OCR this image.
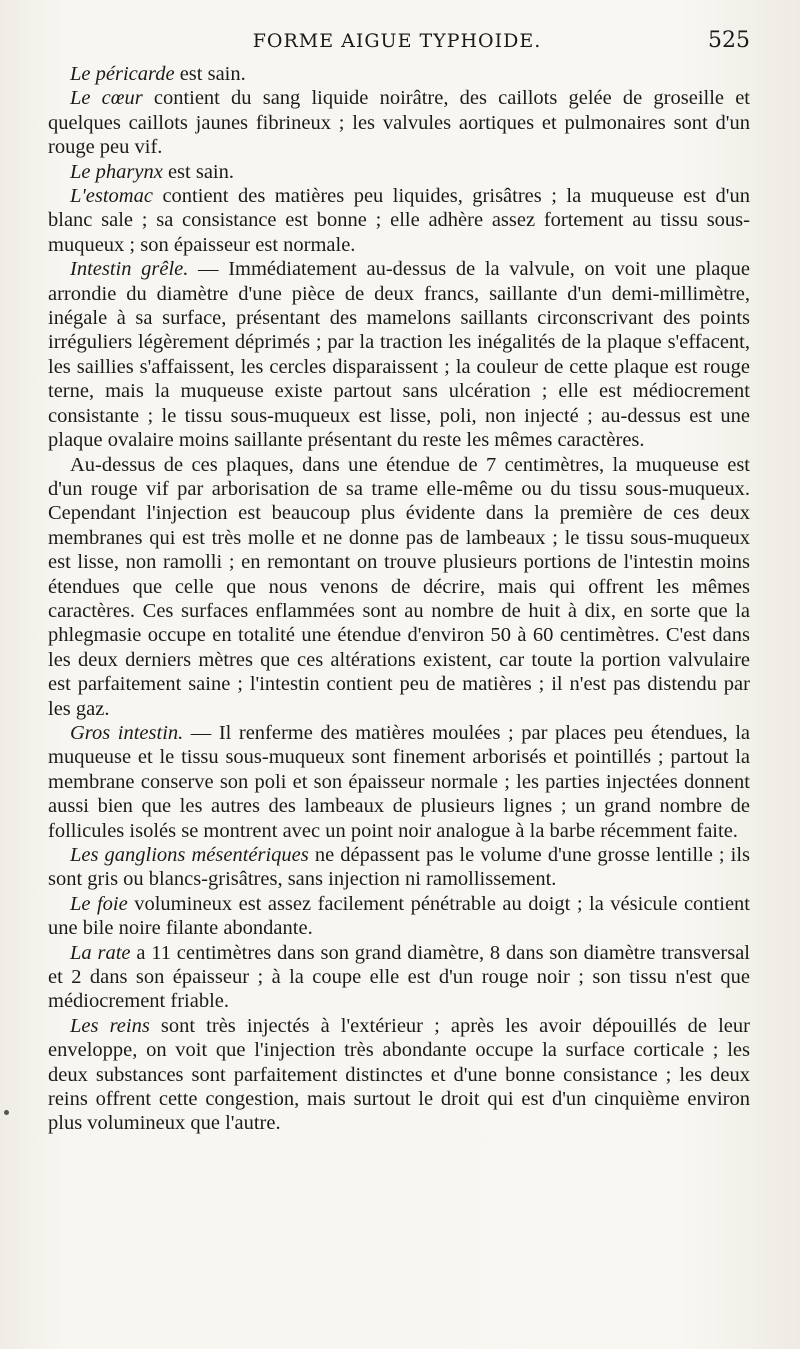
FORME AIGUE TYPHOIDE.	525

Le péricarde est sain.

Le cœur contient du sang liquide noirâtre, des caillots gelée de groseille et quelques caillots jaunes fibrineux ; les valvules aortiques et pulmonaires sont d'un rouge peu vif.

Le pharynx est sain.

L'estomac contient des matières peu liquides, grisâtres ; la muqueuse est d'un blanc sale ; sa consistance est bonne ; elle adhère assez fortement au tissu sous-muqueux ; son épaisseur est normale.

Intestin grêle. — Immédiatement au-dessus de la valvule, on voit une plaque arrondie du diamètre d'une pièce de deux francs, saillante d'un demi-millimètre, inégale à sa surface, présentant des mamelons saillants circonscrivant des points irréguliers légèrement déprimés ; par la traction les inégalités de la plaque s'effacent, les saillies s'affaissent, les cercles disparaissent ; la couleur de cette plaque est rouge terne, mais la muqueuse existe partout sans ulcération ; elle est médiocrement consistante ; le tissu sous-muqueux est lisse, poli, non injecté ; au-dessus est une plaque ovalaire moins saillante présentant du reste les mêmes caractères.

Au-dessus de ces plaques, dans une étendue de 7 centimètres, la muqueuse est d'un rouge vif par arborisation de sa trame elle-même ou du tissu sous-muqueux. Cependant l'injection est beaucoup plus évidente dans la première de ces deux membranes qui est très molle et ne donne pas de lambeaux ; le tissu sous-muqueux est lisse, non ramolli ; en remontant on trouve plusieurs portions de l'intestin moins étendues que celle que nous venons de décrire, mais qui offrent les mêmes caractères. Ces surfaces enflammées sont au nombre de huit à dix, en sorte que la phlegmasie occupe en totalité une étendue d'environ 50 à 60 centimètres. C'est dans les deux derniers mètres que ces altérations existent, car toute la portion valvulaire est parfaitement saine ; l'intestin contient peu de matières ; il n'est pas distendu par les gaz.

Gros intestin. — Il renferme des matières moulées ; par places peu étendues, la muqueuse et le tissu sous-muqueux sont finement arborisés et pointillés ; partout la membrane conserve son poli et son épaisseur normale ; les parties injectées donnent aussi bien que les autres des lambeaux de plusieurs lignes ; un grand nombre de follicules isolés se montrent avec un point noir analogue à la barbe récemment faite.

Les ganglions mésentériques ne dépassent pas le volume d'une grosse lentille ; ils sont gris ou blancs-grisâtres, sans injection ni ramollissement.

Le foie volumineux est assez facilement pénétrable au doigt ; la vésicule contient une bile noire filante abondante.

La rate a 11 centimètres dans son grand diamètre, 8 dans son diamètre transversal et 2 dans son épaisseur ; à la coupe elle est d'un rouge noir ; son tissu n'est que médiocrement friable.

Les reins sont très injectés à l'extérieur ; après les avoir dépouillés de leur enveloppe, on voit que l'injection très abondante occupe la surface corticale ; les deux substances sont parfaitement distinctes et d'une bonne consistance ; les deux reins offrent cette congestion, mais surtout le droit qui est d'un cinquième environ plus volumineux que l'autre.
